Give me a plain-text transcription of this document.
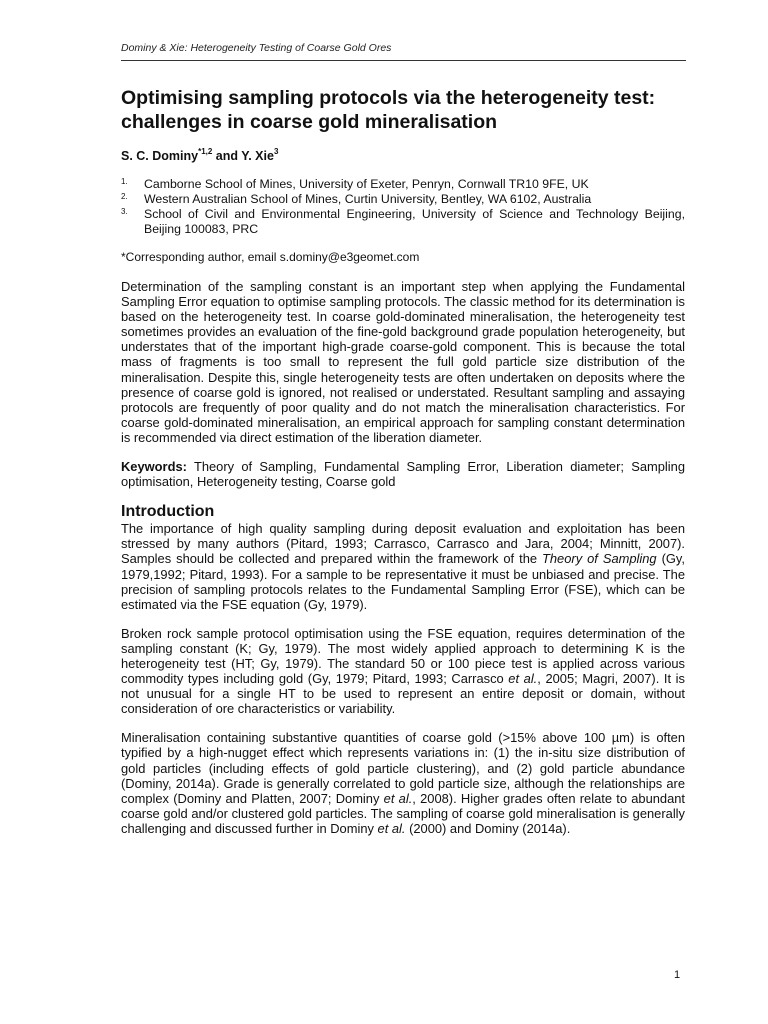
Dominy & Xie: Heterogeneity Testing of Coarse Gold Ores
Optimising sampling protocols via the heterogeneity test: challenges in coarse gold mineralisation
S. C. Dominy$^{*1,2}$ and Y. Xie$^3$
1. Camborne School of Mines, University of Exeter, Penryn, Cornwall TR10 9FE, UK
2. Western Australian School of Mines, Curtin University, Bentley, WA 6102, Australia
3. School of Civil and Environmental Engineering, University of Science and Technology Beijing, Beijing 100083, PRC
*Corresponding author, email s.dominy@e3geomet.com

Determination of the sampling constant is an important step when applying the Fundamental Sampling Error equation to optimise sampling protocols. The classic method for its determination is based on the heterogeneity test. In coarse gold-dominated mineralisation, the heterogeneity test sometimes provides an evaluation of the fine-gold background grade population heterogeneity, but understates that of the important high-grade coarse-gold component. This is because the total mass of fragments is too small to represent the full gold particle size distribution of the mineralisation. Despite this, single heterogeneity tests are often undertaken on deposits where the presence of coarse gold is ignored, not realised or understated. Resultant sampling and assaying protocols are frequently of poor quality and do not match the mineralisation characteristics. For coarse gold-dominated mineralisation, an empirical approach for sampling constant determination is recommended via direct estimation of the liberation diameter.

Keywords: Theory of Sampling, Fundamental Sampling Error, Liberation diameter; Sampling optimisation, Heterogeneity testing, Coarse gold

Introduction

The importance of high quality sampling during deposit evaluation and exploitation has been stressed by many authors (Pitard, 1993; Carrasco, Carrasco and Jara, 2004; Minnitt, 2007). Samples should be collected and prepared within the framework of the Theory of Sampling (Gy, 1979,1992; Pitard, 1993). For a sample to be representative it must be unbiased and precise. The precision of sampling protocols relates to the Fundamental Sampling Error (FSE), which can be estimated via the FSE equation (Gy, 1979).

Broken rock sample protocol optimisation using the FSE equation, requires determination of the sampling constant (K; Gy, 1979). The most widely applied approach to determining K is the heterogeneity test (HT; Gy, 1979). The standard 50 or 100 piece test is applied across various commodity types including gold (Gy, 1979; Pitard, 1993; Carrasco et al., 2005; Magri, 2007). It is not unusual for a single HT to be used to represent an entire deposit or domain, without consideration of ore characteristics or variability.

Mineralisation containing substantive quantities of coarse gold (>15% above 100 µm) is often typified by a high-nugget effect which represents variations in: (1) the in-situ size distribution of gold particles (including effects of gold particle clustering), and (2) gold particle abundance (Dominy, 2014a). Grade is generally correlated to gold particle size, although the relationships are complex (Dominy and Platten, 2007; Dominy et al., 2008). Higher grades often relate to abundant coarse gold and/or clustered gold particles. The sampling of coarse gold mineralisation is generally challenging and discussed further in Dominy et al. (2000) and Dominy (2014a).

1
